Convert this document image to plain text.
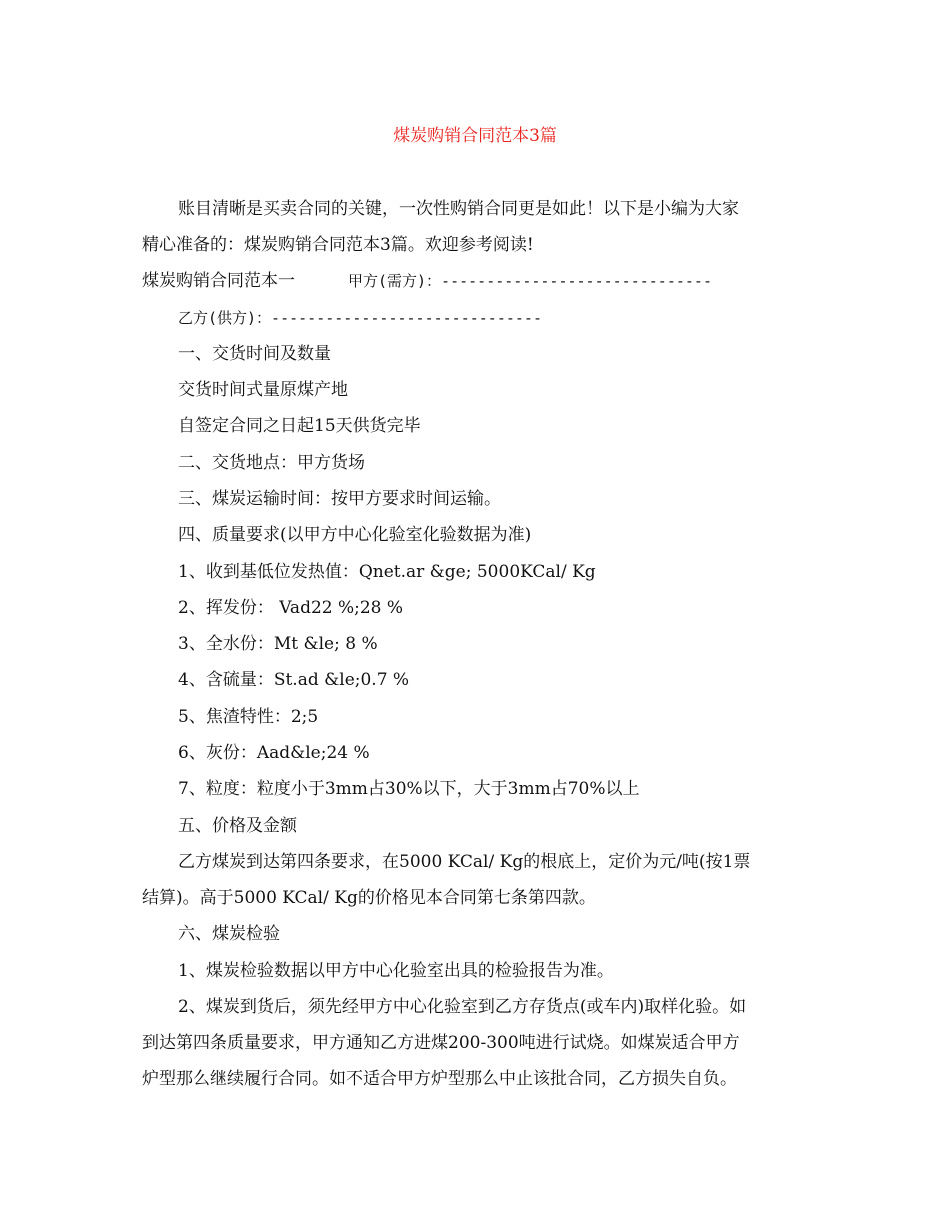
煤炭购销合同范本3篇
账目清晰是买卖合同的关键，一次性购销合同更是如此！以下是小编为大家
精心准备的：煤炭购销合同范本3篇。欢迎参考阅读!
煤炭购销合同范本一	甲方(需方)：------------------------------
乙方(供方)：------------------------------
一、交货时间及数量
交货时间式量原煤产地
自签定合同之日起15天供货完毕
二、交货地点：甲方货场
三、煤炭运输时间：按甲方要求时间运输。
四、质量要求(以甲方中心化验室化验数据为准)
1、收到基低位发热值：Qnet.ar &ge; 5000KCal/ Kg
2、挥发份： Vad22 %;28 %
3、全水份：Mt &le; 8 %
4、含硫量：St.ad &le;0.7 %
5、焦渣特性：2;5
6、灰份：Aad&le;24 %
7、粒度：粒度小于3mm占30%以下，大于3mm占70%以上
五、价格及金额
乙方煤炭到达第四条要求，在5000 KCal/ Kg的根底上，定价为元/吨(按1票
结算)。高于5000 KCal/ Kg的价格见本合同第七条第四款。
六、煤炭检验
1、煤炭检验数据以甲方中心化验室出具的检验报告为准。
2、煤炭到货后，须先经甲方中心化验室到乙方存货点(或车内)取样化验。如
到达第四条质量要求，甲方通知乙方进煤200-300吨进行试烧。如煤炭适合甲方
炉型那么继续履行合同。如不适合甲方炉型那么中止该批合同，乙方损失自负。
